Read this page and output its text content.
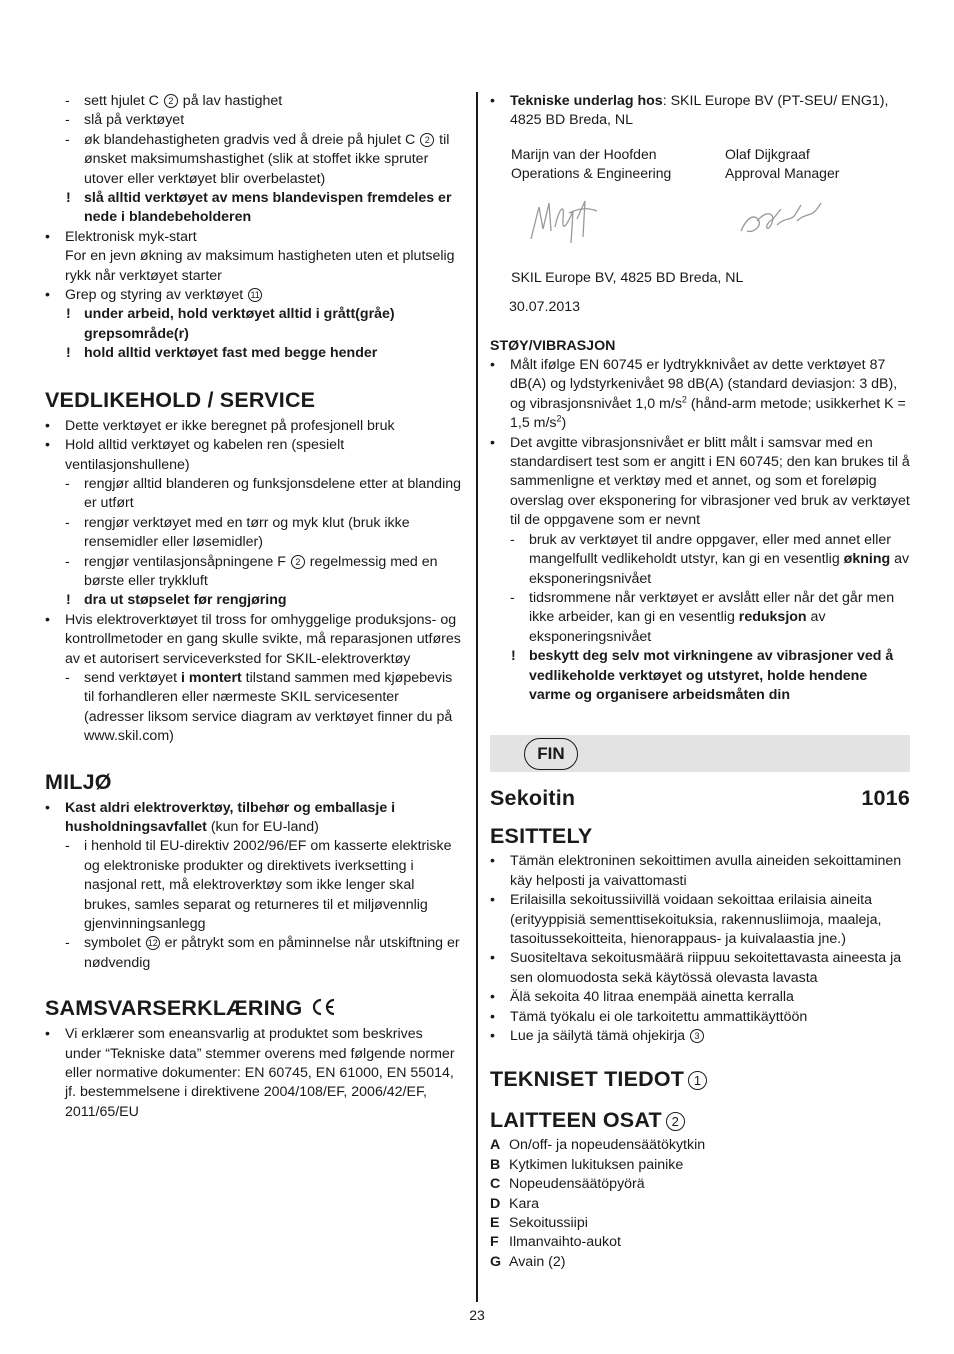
- sett hjulet C 2 på lav hastighet
- slå på verktøyet
- øk blandehastigheten gradvis ved å dreie på hjulet C 2 til ønsket maksimumshastighet (slik at stoffet ikke spruter utover eller verktøyet blir overbelastet)
! slå alltid verktøyet av mens blandevispen fremdeles er nede i blandebeholderen
• Elektronisk myk-start
For en jevn økning av maksimum hastigheten uten et plutselig rykk når verktøyet starter
• Grep og styring av verktøyet 11
! under arbeid, hold verktøyet alltid i grått(gråe) grepsområde(r)
! hold alltid verktøyet fast med begge hender
VEDLIKEHOLD / SERVICE
• Dette verktøyet er ikke beregnet på profesjonell bruk
• Hold alltid verktøyet og kabelen ren (spesielt ventilasjonshullene)
- rengjør alltid blanderen og funksjonsdelene etter at blanding er utført
- rengjør verktøyet med en tørr og myk klut (bruk ikke rensemidler eller løsemidler)
- rengjør ventilasjonsåpningene F 2 regelmessig med en børste eller trykkluft
! dra ut støpselet før rengjøring
• Hvis elektroverktøyet til tross for omhyggelige produksjons- og kontrollmetoder en gang skulle svikte, må reparasjonen utføres av et autorisert serviceverksted for SKIL-elektroverktøy
- send verktøyet i montert tilstand sammen med kjøpebevis til forhandleren eller nærmeste SKIL servicesenter (adresser liksom service diagram av verktøyet finner du på www.skil.com)
MILJØ
• Kast aldri elektroverktøy, tilbehør og emballasje i husholdningsavfallet (kun for EU-land)
- i henhold til EU-direktiv 2002/96/EF om kasserte elektriske og elektroniske produkter og direktivets iverksetting i nasjonal rett, må elektroverktøy som ikke lenger skal brukes, samles separat og returneres til et miljøvennlig gjenvinningsanlegg
- symbolet 12 er påtrykt som en påminnelse når utskiftning er nødvendig
SAMSVARSERKLÆRING
• Vi erklærer som eneansvarlig at produktet som beskrives under “Tekniske data” stemmer overens med følgende normer eller normative dokumenter: EN 60745, EN 61000, EN 55014, jf. bestemmelsene i direktivene 2004/108/EF, 2006/42/EF, 2011/65/EU
• Tekniske underlag hos: SKIL Europe BV (PT-SEU/ ENG1), 4825 BD Breda, NL
Marijn van der Hoofden	Olaf Dijkgraaf
Operations & Engineering	Approval Manager
SKIL Europe BV, 4825 BD Breda, NL
30.07.2013
STØY/VIBRASJON
• Målt ifølge EN 60745 er lydtrykknivået av dette verktøyet 87 dB(A) og lydstyrkenivået 98 dB(A) (standard deviasjon: 3 dB), og vibrasjonsnivået 1,0 $m/s^2$ (hånd-arm metode; usikkerhet K = 1,5 $m/s^2$)
• Det avgitte vibrasjonsnivået er blitt målt i samsvar med en standardisert test som er angitt i EN 60745; den kan brukes til å sammenligne et verktøy med et annet, og som et foreløpig overslag over eksponering for vibrasjoner ved bruk av verktøyet til de oppgavene som er nevnt
- bruk av verktøyet til andre oppgaver, eller med annet eller mangelfullt vedlikeholdt utstyr, kan gi en vesentlig økning av eksponeringsnivået
- tidsrommene når verktøyet er avslått eller når det går men ikke arbeider, kan gi en vesentlig reduksjon av eksponeringsnivået
! beskytt deg selv mot virkningene av vibrasjoner ved å vedlikeholde verktøyet og utstyret, holde hendene varme og organisere arbeidsmåten din
FIN
Sekoitin	1016
ESITTELY
• Tämän elektroninen sekoittimen avulla aineiden sekoittaminen käy helposti ja vaivattomasti
• Erilaisilla sekoitussiivillä voidaan sekoittaa erilaisia aineita (erityyppisiä sementtisekoituksia, rakennusliimoja, maaleja, tasoitussekoitteita, hienorappaus- ja kuivalaastia jne.)
• Suositeltava sekoitusmäärä riippuu sekoitettavasta aineesta ja sen olomuodosta sekä käytössä olevasta lavasta
• Älä sekoita 40 litraa enempää ainetta kerralla
• Tämä työkalu ei ole tarkoitettu ammattikäyttöön
• Lue ja säilytä tämä ohjekirja 3
TEKNISET TIEDOT 1
LAITTEEN OSAT 2
A On/off- ja nopeudensäätökytkin
B Kytkimen lukituksen painike
C Nopeudensäätöpyörä
D Kara
E Sekoitussiipi
F Ilmanvaihto-aukot
G Avain (2)
23
